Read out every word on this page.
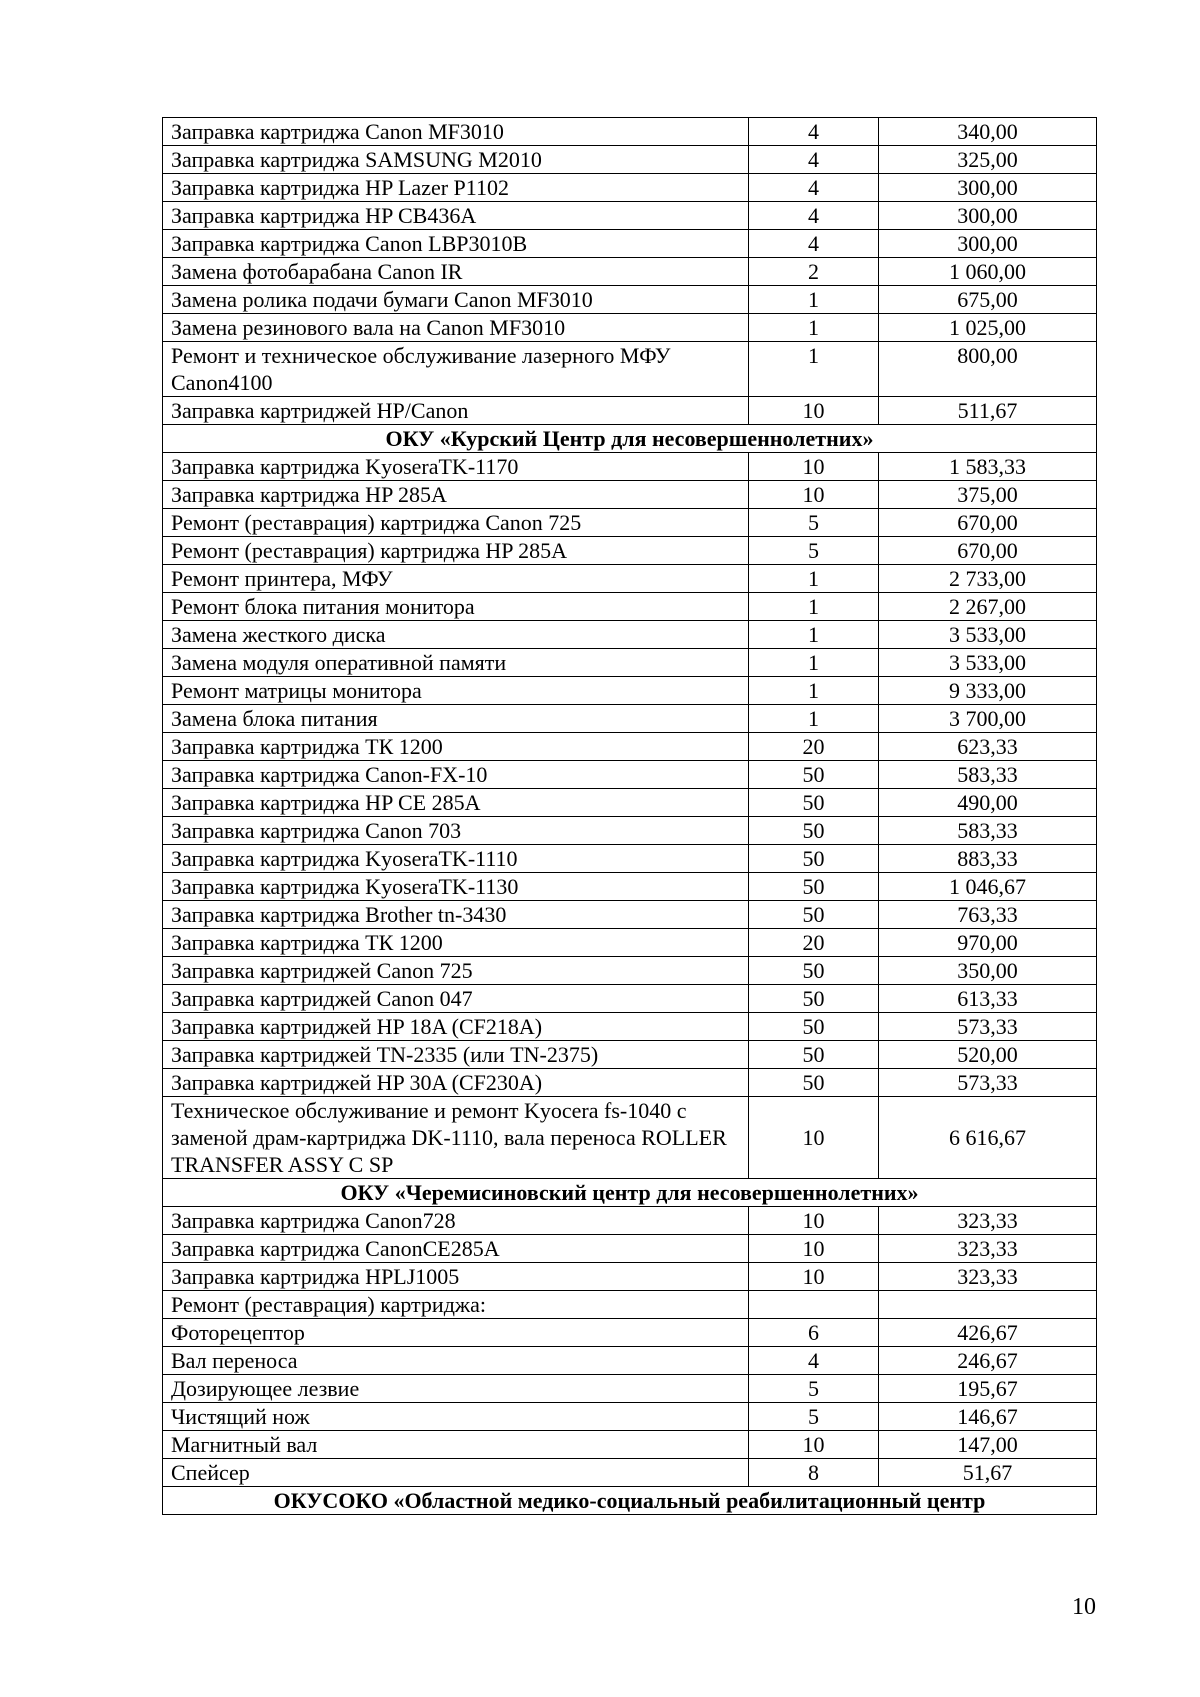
Заправка картриджа Canon MF3010	4	340,00
Заправка картриджа SAMSUNG M2010	4	325,00
Заправка картриджа HP Lazer P1102	4	300,00
Заправка картриджа HP CB436A	4	300,00
Заправка картриджа Canon LBP3010B	4	300,00
Замена фотобарабана Canon IR	2	1 060,00
Замена ролика подачи бумаги Canon MF3010	1	675,00
Замена резинового вала на Canon MF3010	1	1 025,00
Ремонт и техническое обслуживание лазерного МФУ Canon4100	1	800,00
Заправка картриджей HP/Canon	10	511,67
ОКУ «Курский Центр для несовершеннолетних»		
Заправка картриджа KyoseraTK-1170	10	1 583,33
Заправка картриджа HP 285A	10	375,00
Ремонт (реставрация) картриджа Canon 725	5	670,00
Ремонт (реставрация) картриджа HP 285A	5	670,00
Ремонт принтера, МФУ	1	2 733,00
Ремонт блока питания монитора	1	2 267,00
Замена жесткого диска	1	3 533,00
Замена модуля оперативной памяти	1	3 533,00
Ремонт матрицы монитора	1	9 333,00
Замена блока питания	1	3 700,00
Заправка картриджа ТК 1200	20	623,33
Заправка картриджа Canon-FX-10	50	583,33
Заправка картриджа HP CE 285A	50	490,00
Заправка картриджа Canon 703	50	583,33
Заправка картриджа KyoseraTK-1110	50	883,33
Заправка картриджа KyoseraTK-1130	50	1 046,67
Заправка картриджа Brother tn-3430	50	763,33
Заправка картриджа ТК 1200	20	970,00
Заправка картриджей Canon 725	50	350,00
Заправка картриджей Canon 047	50	613,33
Заправка картриджей HP 18A (CF218A)	50	573,33
Заправка картриджей TN-2335 (или TN-2375)	50	520,00
Заправка картриджей HP 30A (CF230A)	50	573,33
Техническое обслуживание и ремонт Kyocera fs-1040 с заменой драм-картриджа DK-1110, вала переноса ROLLER TRANSFER ASSY C SP	10	6 616,67
ОКУ «Черемисиновский центр для несовершеннолетних»		
Заправка картриджа Canon728	10	323,33
Заправка картриджа CanonCE285A	10	323,33
Заправка картриджа HPLJ1005	10	323,33
Ремонт (реставрация) картриджа:		
Фоторецептор	6	426,67
Вал переноса	4	246,67
Дозирующее лезвие	5	195,67
Чистящий нож	5	146,67
Магнитный вал	10	147,00
Спейсер	8	51,67
ОКУСОКО «Областной медико-социальный реабилитационный центр		
10
